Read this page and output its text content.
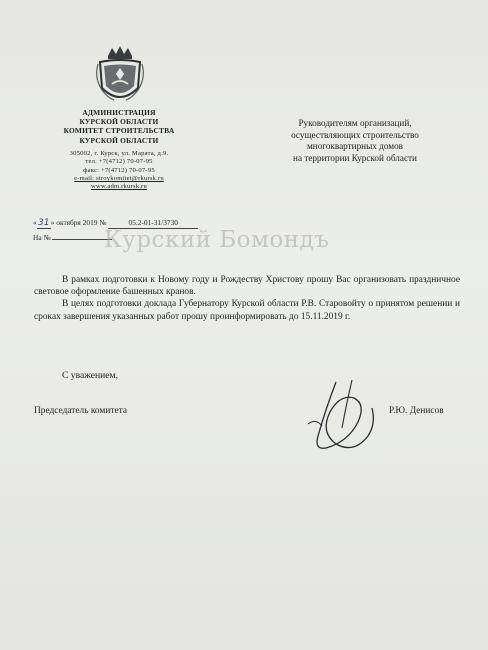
АДМИНИСТРАЦИЯ
КУРСКОЙ ОБЛАСТИ
КОМИТЕТ СТРОИТЕЛЬСТВА
КУРСКОЙ ОБЛАСТИ
305002, г. Курск, ул. Марата, д.9.
тел. +7(4712) 70-07-95
факс: +7(4712) 70-07-95
e-mail: stroykomitet@rkursk.ru
www.adm.rkursk.ru
Руководителям организаций,
осуществляющих строительство
многоквартирных домов
на территории Курской области
«31» октября 2019 №	05.2-01-31/3730
На №	Курский Бомондъ

В рамках подготовки к Новому году и Рождеству Христову прошу Вас организовать праздничное световое оформление башенных кранов.

В целях подготовки доклада Губернатору Курской области Р.В. Старовойту о принятом решении и сроках завершения указанных работ прошу проинформировать до 15.11.2019 г.

С уважением,
Председатель комитета	Р.Ю. Денисов
